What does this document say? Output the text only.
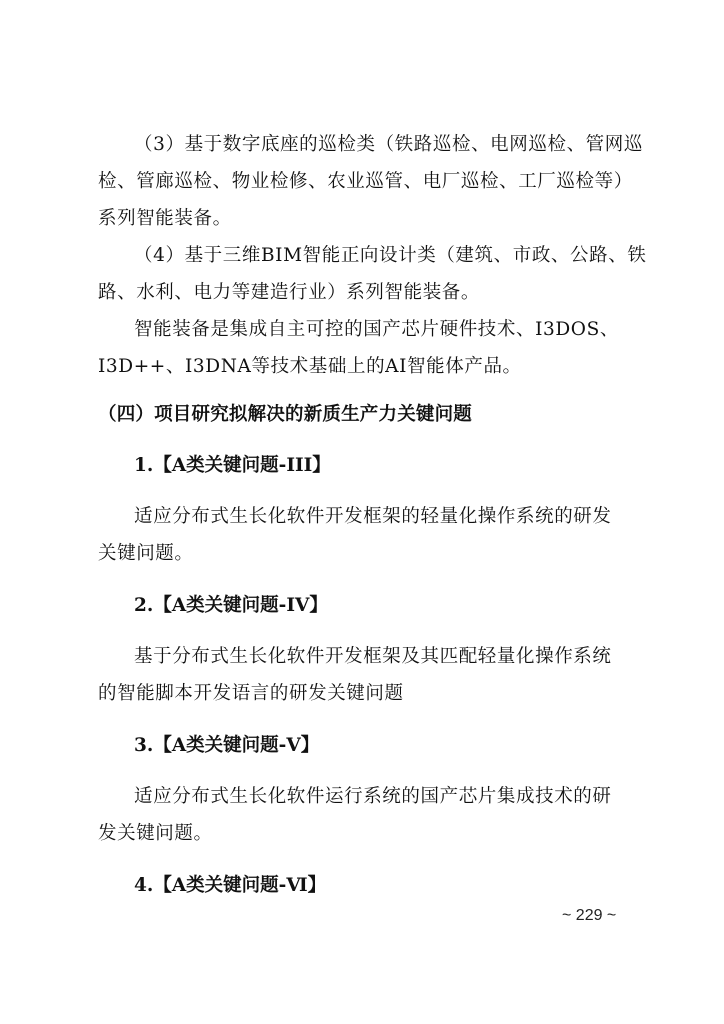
（3）基于数字底座的巡检类（铁路巡检、电网巡检、管网巡
检、管廊巡检、物业检修、农业巡管、电厂巡检、工厂巡检等）
系列智能装备。
（4）基于三维BIM智能正向设计类（建筑、市政、公路、铁
路、水利、电力等建造行业）系列智能装备。
智能装备是集成自主可控的国产芯片硬件技术、I3DOS、
I3D++、I3DNA等技术基础上的AI智能体产品。
（四）项目研究拟解决的新质生产力关键问题
1.【A类关键问题-III】
适应分布式生长化软件开发框架的轻量化操作系统的研发
关键问题。
2.【A类关键问题-IV】
基于分布式生长化软件开发框架及其匹配轻量化操作系统
的智能脚本开发语言的研发关键问题
3.【A类关键问题-V】
适应分布式生长化软件运行系统的国产芯片集成技术的研
发关键问题。
4.【A类关键问题-Ⅵ】
~ 229 ~
